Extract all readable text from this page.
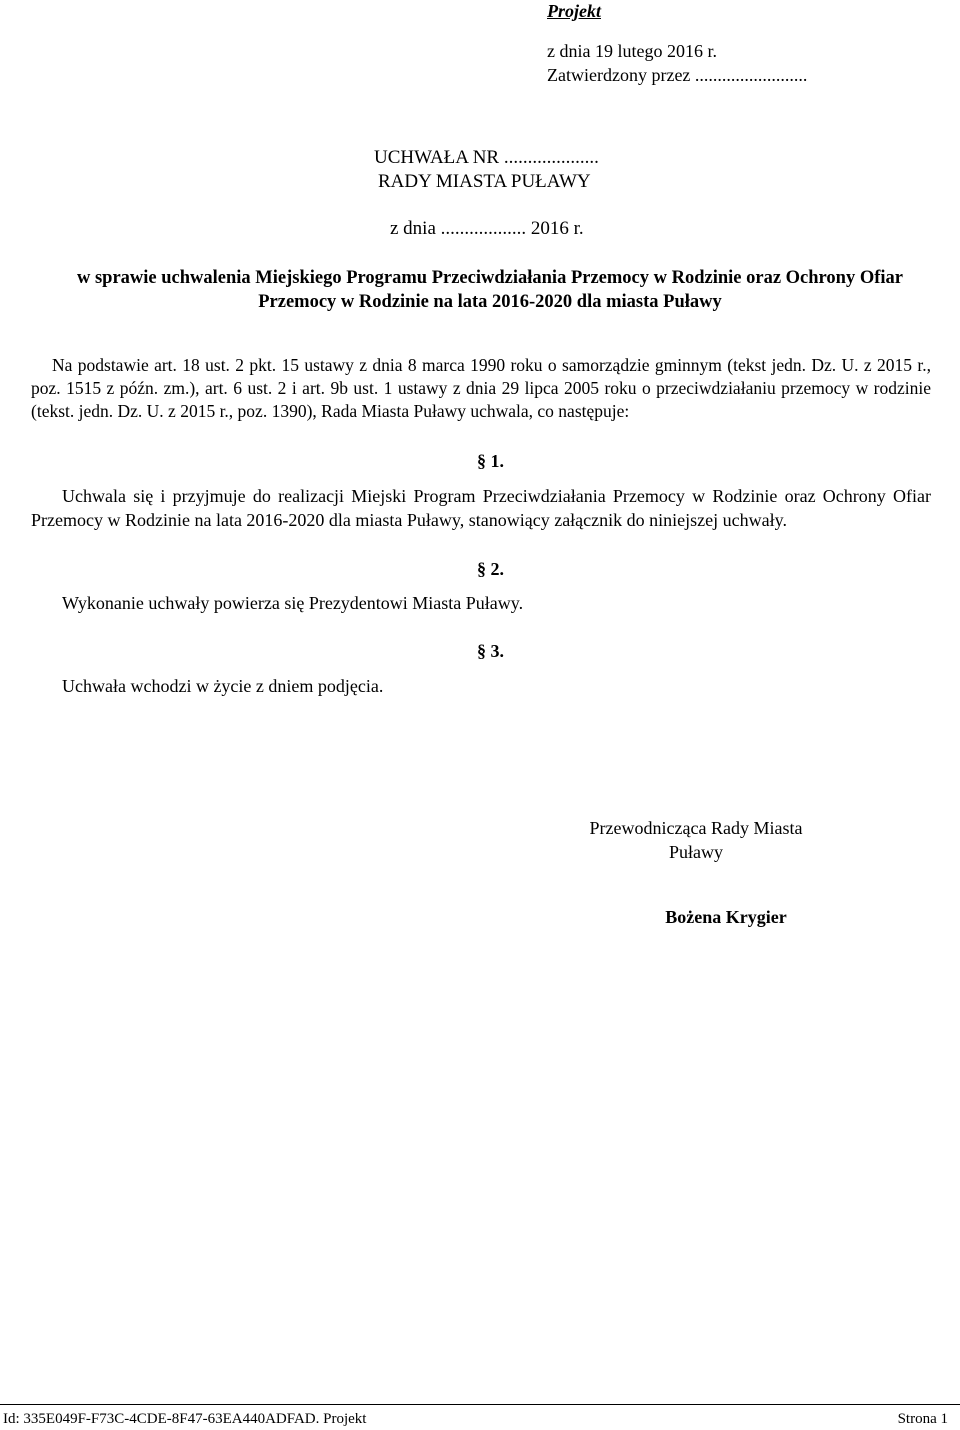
Projekt
z dnia 19 lutego 2016 r.
Zatwierdzony przez .........................
UCHWAŁA NR ....................
RADY MIASTA PUŁAWY
z dnia .................. 2016 r.
w sprawie uchwalenia Miejskiego Programu Przeciwdziałania Przemocy w Rodzinie oraz Ochrony Ofiar
Przemocy w Rodzinie na lata 2016-2020 dla miasta Puławy
Na podstawie art. 18 ust. 2 pkt. 15 ustawy z dnia 8 marca 1990 roku o samorządzie gminnym (tekst jedn. Dz. U. z 2015 r., poz. 1515 z późn. zm.), art. 6 ust. 2 i art. 9b ust. 1 ustawy z dnia 29 lipca 2005 roku o przeciwdziałaniu przemocy w rodzinie (tekst. jedn. Dz. U. z 2015 r., poz. 1390), Rada Miasta Puławy uchwala, co następuje:
§ 1.
Uchwala się i przyjmuje do realizacji Miejski Program Przeciwdziałania Przemocy w Rodzinie oraz Ochrony Ofiar Przemocy w Rodzinie na lata 2016-2020 dla miasta Puławy, stanowiący załącznik do niniejszej uchwały.
§ 2.
Wykonanie uchwały powierza się Prezydentowi Miasta Puławy.
§ 3.
Uchwała wchodzi w życie z dniem podjęcia.
Przewodnicząca Rady Miasta
Puławy
Bożena Krygier
Id: 335E049F-F73C-4CDE-8F47-63EA440ADFAD. Projekt	Strona 1
